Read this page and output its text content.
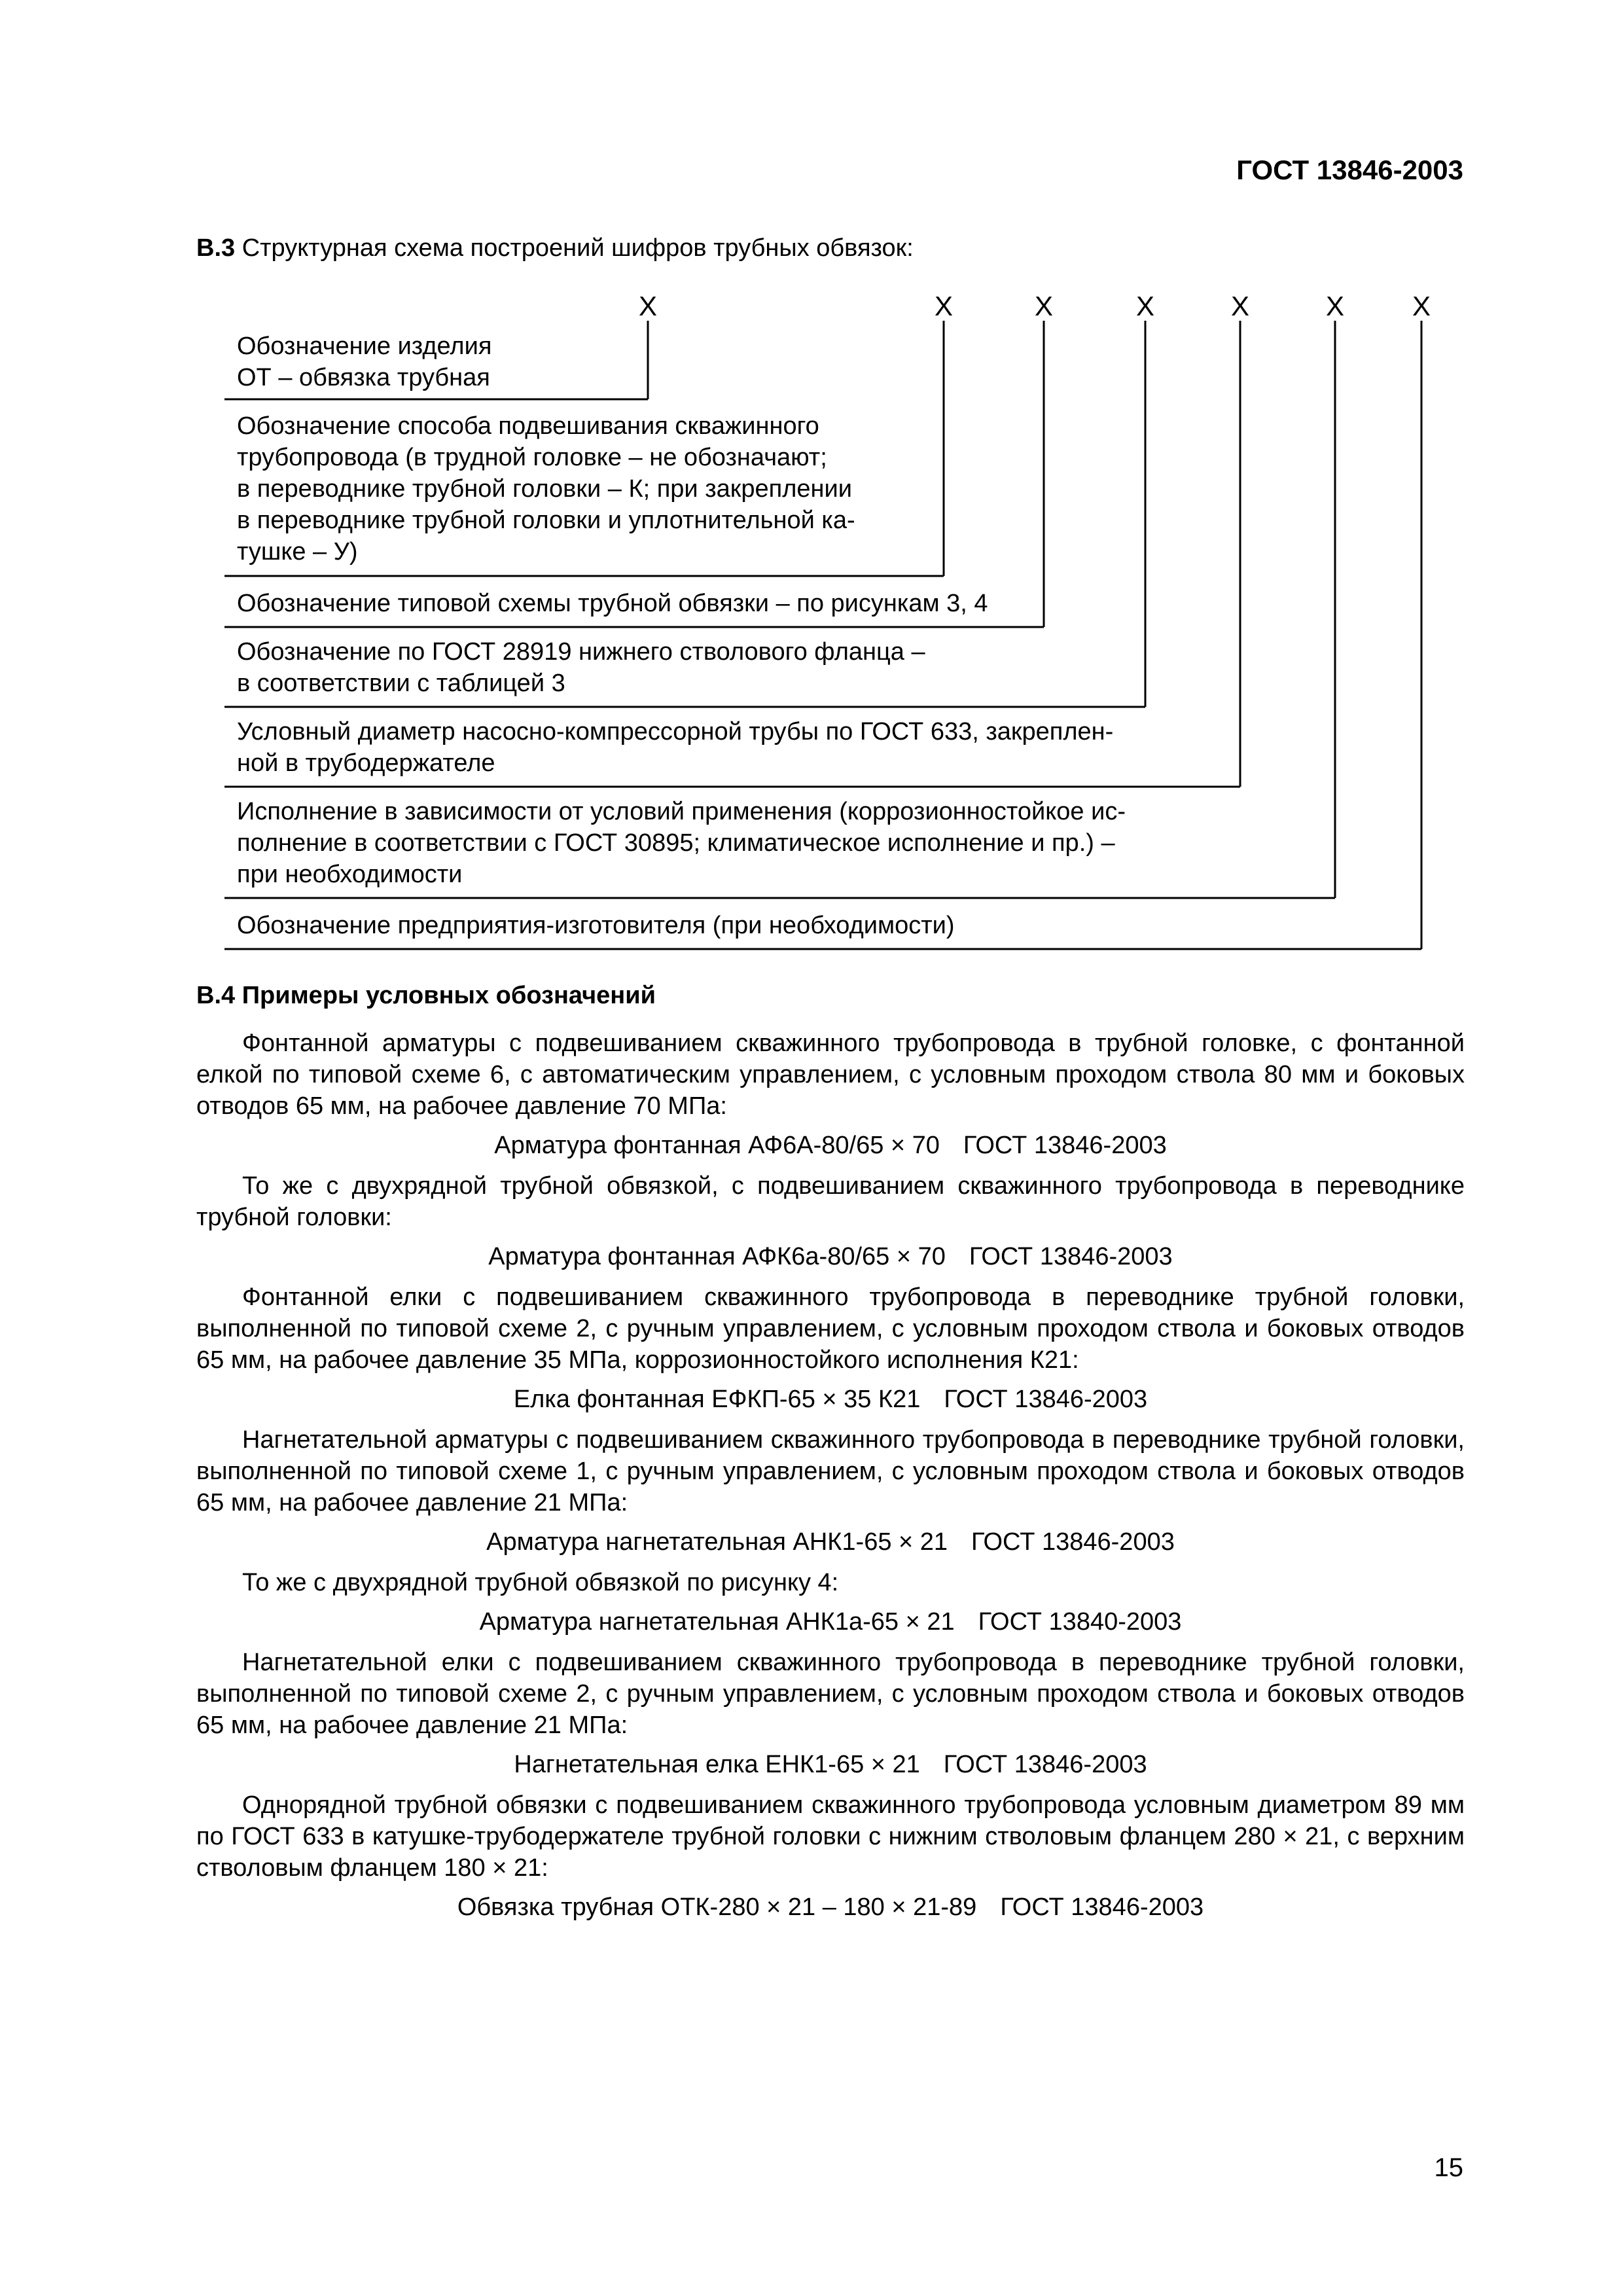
ГОСТ 13846-2003
В.3 Структурная схема построений шифров трубных обвязок:
Х	Х	Х	Х	Х	Х Х
Обозначение изделия
ОТ – обвязка трубная
Обозначение способа подвешивания скважинного
трубопровода (в трудной головке – не обозначают;
в переводнике трубной головки – К; при закреплении
в переводнике трубной головки и уплотнительной ка-
тушке – У)
Обозначение типовой схемы трубной обвязки – по рисункам 3, 4
Обозначение по ГОСТ 28919 нижнего стволового фланца –
в соответствии с таблицей 3
Условный диаметр насосно-компрессорной трубы по ГОСТ 633, закреплен-
ной в трубодержателе
Исполнение в зависимости от условий применения (коррозионностойкое ис-
полнение в соответствии с ГОСТ 30895; климатическое исполнение и пр.) –
при необходимости
Обозначение предприятия-изготовителя (при необходимости)
В.4 Примеры условных обозначений

Фонтанной арматуры с подвешиванием скважинного трубопровода в трубной головке, с фонтанной елкой по типовой схеме 6, с автоматическим управлением, с условным проходом ствола 80 мм и боковых отводов 65 мм, на рабочее давление 70 МПа:

Арматура фонтанная АФ6А-80/65 × 70 ГОСТ 13846-2003

То же с двухрядной трубной обвязкой, с подвешиванием скважинного трубопровода в переводнике трубной головки:

Арматура фонтанная АФК6а-80/65 × 70 ГОСТ 13846-2003

Фонтанной елки с подвешиванием скважинного трубопровода в переводнике трубной головки, выполненной по типовой схеме 2, с ручным управлением, с условным проходом ствола и боковых отводов 65 мм, на рабочее давление 35 МПа, коррозионностойкого исполнения К21:

Елка фонтанная ЕФКП-65 × 35 К21 ГОСТ 13846-2003

Нагнетательной арматуры с подвешиванием скважинного трубопровода в переводнике трубной головки, выполненной по типовой схеме 1, с ручным управлением, с условным проходом ствола и боковых отводов 65 мм, на рабочее давление 21 МПа:

Арматура нагнетательная АНК1-65 × 21 ГОСТ 13846-2003

То же с двухрядной трубной обвязкой по рисунку 4:

Арматура нагнетательная АНК1а-65 × 21 ГОСТ 13840-2003

Нагнетательной елки с подвешиванием скважинного трубопровода в переводнике трубной головки, выполненной по типовой схеме 2, с ручным управлением, с условным проходом ствола и боковых отводов 65 мм, на рабочее давление 21 МПа:

Нагнетательная елка ЕНК1-65 × 21 ГОСТ 13846-2003

Однорядной трубной обвязки с подвешиванием скважинного трубопровода условным диаметром 89 мм по ГОСТ 633 в катушке-трубодержателе трубной головки с нижним стволовым фланцем 280 × 21, с верхним стволовым фланцем 180 × 21:

Обвязка трубная ОТК-280 × 21 – 180 × 21-89 ГОСТ 13846-2003
15
